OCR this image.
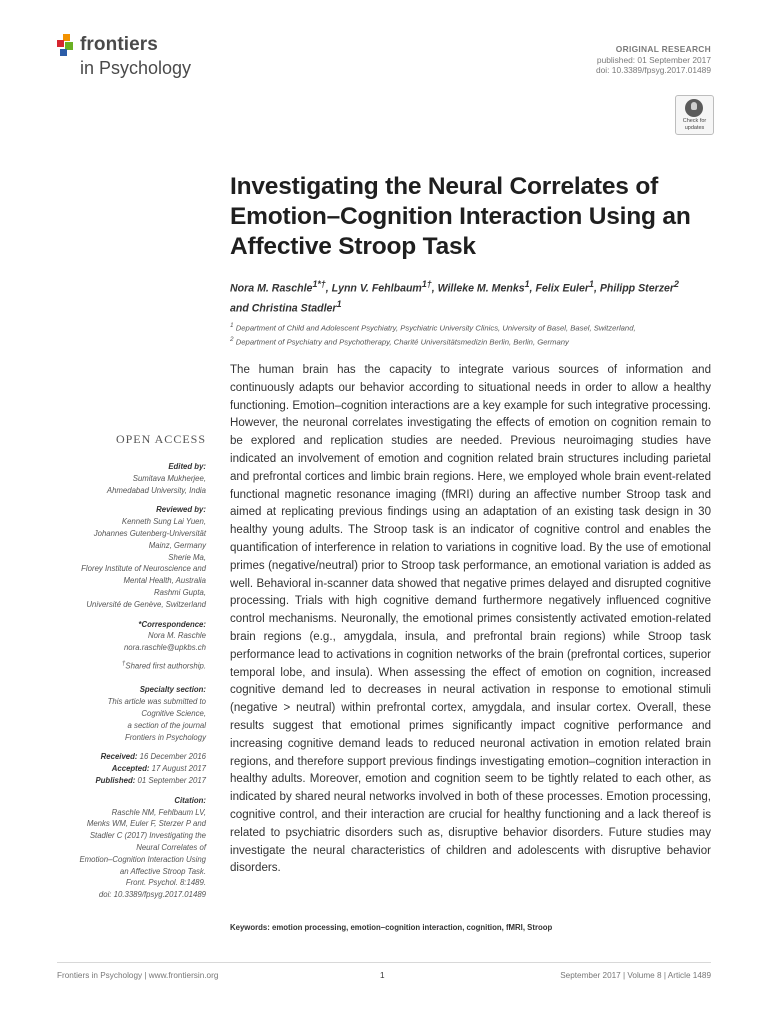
frontiers
in Psychology
ORIGINAL RESEARCH
published: 01 September 2017
doi: 10.3389/fpsyg.2017.01489
Check for
updates
Investigating the Neural Correlates of Emotion–Cognition Interaction Using an Affective Stroop Task
Nora M. Raschle$^{1*\dagger}$, Lynn V. Fehlbaum$^{1\dagger}$, Willeke M. Menks$^1$, Felix Euler$^1$, Philipp Sterzer$^2$
and Christina Stadler$^1$
$^1$ Department of Child and Adolescent Psychiatry, Psychiatric University Clinics, University of Basel, Basel, Switzerland,
$^2$ Department of Psychiatry and Psychotherapy, Charité Universitätsmedizin Berlin, Berlin, Germany
The human brain has the capacity to integrate various sources of information and continuously adapts our behavior according to situational needs in order to allow a healthy functioning. Emotion–cognition interactions are a key example for such integrative processing. However, the neuronal correlates investigating the effects of emotion on cognition remain to be explored and replication studies are needed. Previous neuroimaging studies have indicated an involvement of emotion and cognition related brain structures including parietal and prefrontal cortices and limbic brain regions. Here, we employed whole brain event-related functional magnetic resonance imaging (fMRI) during an affective number Stroop task and aimed at replicating previous findings using an adaptation of an existing task design in 30 healthy young adults. The Stroop task is an indicator of cognitive control and enables the quantification of interference in relation to variations in cognitive load. By the use of emotional primes (negative/neutral) prior to Stroop task performance, an emotional variation is added as well. Behavioral in-scanner data showed that negative primes delayed and disrupted cognitive processing. Trials with high cognitive demand furthermore negatively influenced cognitive control mechanisms. Neuronally, the emotional primes consistently activated emotion-related brain regions (e.g., amygdala, insula, and prefrontal brain regions) while Stroop task performance lead to activations in cognition networks of the brain (prefrontal cortices, superior temporal lobe, and insula). When assessing the effect of emotion on cognition, increased cognitive demand led to decreases in neural activation in response to emotional stimuli (negative > neutral) within prefrontal cortex, amygdala, and insular cortex. Overall, these results suggest that emotional primes significantly impact cognitive performance and increasing cognitive demand leads to reduced neuronal activation in emotion related brain regions, and therefore support previous findings investigating emotion–cognition interaction in healthy adults. Moreover, emotion and cognition seem to be tightly related to each other, as indicated by shared neural networks involved in both of these processes. Emotion processing, cognitive control, and their interaction are crucial for healthy functioning and a lack thereof is related to psychiatric disorders such as, disruptive behavior disorders. Future studies may investigate the neural characteristics of children and adolescents with disruptive behavior disorders.
Keywords: emotion processing, emotion–cognition interaction, cognition, fMRI, Stroop
OPEN ACCESS
Edited by:
Sumitava Mukherjee,
Ahmedabad University, India
Reviewed by:
Kenneth Sung Lai Yuen,
Johannes Gutenberg-Universität
Mainz, Germany
Sherie Ma,
Florey Institute of Neuroscience and
Mental Health, Australia
Rashmi Gupta,
Université de Genève, Switzerland
*Correspondence:
Nora M. Raschle
nora.raschle@upkbs.ch
†Shared first authorship.
Specialty section:
This article was submitted to
Cognitive Science,
a section of the journal
Frontiers in Psychology
Received: 16 December 2016
Accepted: 17 August 2017
Published: 01 September 2017
Citation:
Raschle NM, Fehlbaum LV,
Menks WM, Euler F, Sterzer P and
Stadler C (2017) Investigating the
Neural Correlates of
Emotion–Cognition Interaction Using
an Affective Stroop Task.
Front. Psychol. 8:1489.
doi: 10.3389/fpsyg.2017.01489
Frontiers in Psychology | www.frontiersin.org	1	September 2017 | Volume 8 | Article 1489
